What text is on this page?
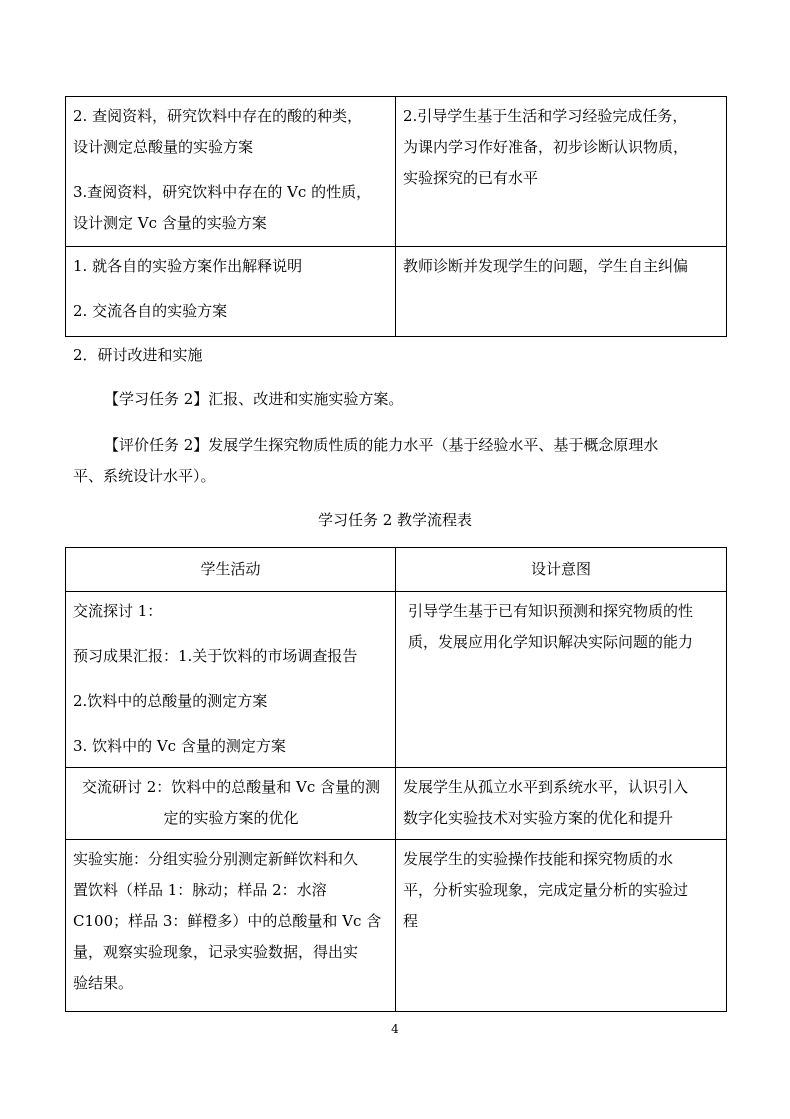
2. 查阅资料，研究饮料中存在的酸的种类，
设计测定总酸量的实验方案
3.查阅资料，研究饮料中存在的 Vc 的性质，
设计测定 Vc 含量的实验方案	2.引导学生基于生活和学习经验完成任务，
为课内学习作好准备，初步诊断认识物质，
实验探究的已有水平

1. 就各自的实验方案作出解释说明
2. 交流各自的实验方案	教师诊断并发现学生的问题，学生自主纠偏
2．研讨改进和实施
【学习任务 2】汇报、改进和实施实验方案。
【评价任务 2】发展学生探究物质性质的能力水平（基于经验水平、基于概念原理水
平、系统设计水平）。
学习任务 2 教学流程表
学生活动	设计意图

交流探讨 1：
预习成果汇报：1.关于饮料的市场调查报告
2.饮料中的总酸量的测定方案
3. 饮料中的 Vc 含量的测定方案	引导学生基于已有知识预测和探究物质的性
质，发展应用化学知识解决实际问题的能力

交流研讨 2：饮料中的总酸量和 Vc 含量的测
定的实验方案的优化	发展学生从孤立水平到系统水平，认识引入
数字化实验技术对实验方案的优化和提升

实验实施：分组实验分别测定新鲜饮料和久
置饮料（样品 1：脉动；样品 2：水溶
C100；样品 3：鲜橙多）中的总酸量和 Vc 含
量，观察实验现象，记录实验数据，得出实
验结果。	发展学生的实验操作技能和探究物质的水
平，分析实验现象，完成定量分析的实验过
程
4
